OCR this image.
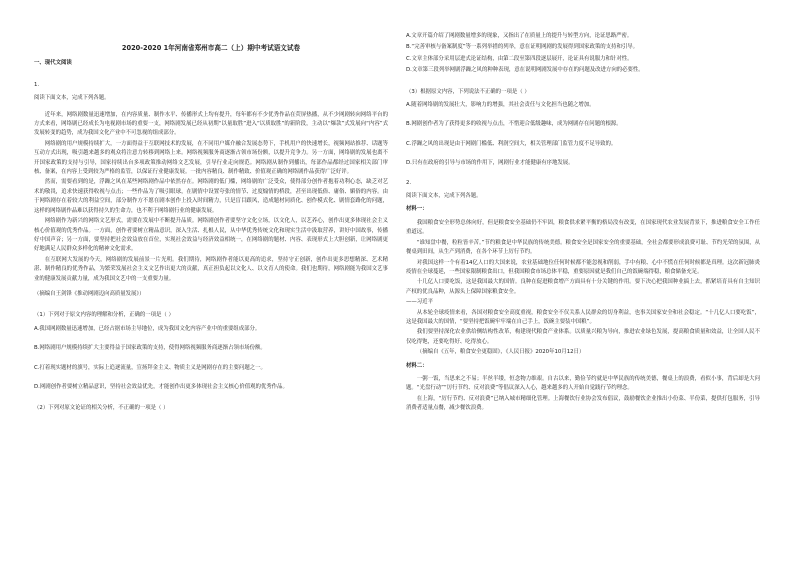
2020-2020 1年河南省郑州市高二（上）期中考试语文试卷
一、现代文阅读
1.
阅读下面文本，完成下列各题。
近年来，网络剧数量迅速增加，在内容质量、制作水平、传播形式上均有提升，每年都有不少优秀作品在荧屏热播，从不少网剧转向网络平台的方式来看，网络剧已经成长为电视剧市场的重要一支，网络剧发展已经从初期“以量取胜”进入“以质取胜”的新阶段，主动以“爆款”式发展向“内容”式发展转变的趋势，成为我国文化产业中不可忽视的组成部分。
网络剧的用户规模持续扩大，一方面得益于互联网技术的发展，在不同用户媒介融合发展态势下，手机用户的快速增长，视频网站推荐、话题等互动方式出现，吸引越来越多的观众将注意力转移到网络上来。网络视频服务商逐渐占领市场份额，以提升竞争力。另一方面，网络剧的发展也离不开国家政策的支持与引导，国家持续出台多项政策推动网络文艺发展，引导行业走向规范。网络剧从制作到播出，每部作品都经过国家相关部门审核、备案，在内容上受到较为严格的监管，以保证行业健康发展。一批内容精良、制作精致、价值观正确的网络剧作品获得广泛好评。
然而，需要看到的是，浮躁之风在某些网络剧作品中依然存在。网络剧的低门槛，网络剧的广泛受众，使得部分创作者抱着功利心态，缺乏对艺术的敬畏，追求快速获得收视与点击；一些作品为了吸引眼球，在剧情中设置夸张的情节、过度煽情的桥段，甚至出现低俗、庸俗、媚俗的内容。由于网络剧存在着较大的利益空间，部分制作方不愿在剧本创作上投入时间精力，只是盲目跟风，造成题材同质化、创作模式化、剧情套路化的问题，这样的网络剧作品难以获得持久的生命力，也不利于网络剧行业的健康发展。
网络剧作为新兴的网络文艺形式，需要在发展中不断提升品质。网络剧创作者要坚守文化立场，以文化人，以艺养心，创作出更多体现社会主义核心价值观的优秀作品。一方面，创作者要树立精品意识，深入生活、扎根人民，从中华优秀传统文化和现实生活中汲取营养，讲好中国故事，传播好中国声音；另一方面，要坚持把社会效益放在首位，实现社会效益与经济效益相统一，在网络剧的题材、内容、表现形式上大胆创新，让网络剧更好地满足人民群众多样化的精神文化需求。
在互联网大发展的今天，网络剧的发展前景一片光明。我们期待，网络剧作者能以更高的追求，坚持守正创新，创作出更多思想精深、艺术精湛、制作精良的优秀作品，为繁荣发展社会主义文艺作出更大的贡献，真正担负起以文化人、以文育人的使命。我们也期待，网络剧能为我国文艺事业的健康发展贡献力量，成为我国文艺中的一支重要力量。
（摘编自王剑锋《推动网剧迈向高质量发展》）
（1）下列对于原文内容的理解和分析，正确的一项是（ ）
A.我国网剧数量迅速增加，已经占据市场主导地位，成为我国文化内容产业中的重要组成部分。
B.网络剧用户规模持续扩大主要得益于国家政策的支持，使得网络视频服务商逐渐占领市场份额。
C.打着现实题材的旗号，实际上追逐流量，宣扬拜金主义、物质主义是网剧存在的主要问题之一。
D.网剧创作者要树立精品意识，坚持社会效益优先，才能创作出更多体现社会主义核心价值观的优秀作品。
（2）下列对原文论证的相关分析，不正确的一项是（ ）
A.文章开篇介绍了网剧数量增多的现象，又指出了在质量上的提升与转型方向，论证思路严密。
B.“完善审核与备案制度”等一系列举措的列举，意在证明网剧的发展得到国家政策的支持和引导。
C.文章主体部分采用层进式论证结构，由第二段至第四段逐层展开，论证具有说服力和针对性。
D.文章第三段列举网剧浮躁之风的种种表现，意在说明网剧发展中存在的问题及改进方向的必要性。
（3）根据原文内容，下列说法不正确的一项是（ ）
A.随着网络剧的发展壮大，影响力的增强，其社会责任与文化担当也随之增加。
B.网剧创作者为了获得更多的收视与点击，不惜迎合低级趣味，成为网剧存在问题的根源。
C.浮躁之风的出现是由于网剧门槛低、利润空间大，相关管理部门监管力度不足导致的。
D.只有在政府的引导与市场的作用下，网剧行业才能健康有序地发展。
2.
阅读下面文本，完成下列各题。
材料一：
我国粮食安全形势总体向好，但是粮食安全基础仍不牢固，粮食供求紧平衡的格局没有改变，在国家现代农业发展背景下，推进粮食安全工作任重道远。
“谁知盘中餐，粒粒皆辛苦。”节约粮食是中华民族的传统美德。粮食安全是国家安全的重要基础，全社会都要形成浪费可耻、节约光荣的氛围，从餐桌到田间，从生产到消费，在各个环节上厉行节约。
对我国这样一个有着14亿人口的大国来说，农业基础地位任何时候都不能忽视和削弱，手中有粮、心中不慌在任何时候都是真理。这次新冠肺炎疫情在全球蔓延，一些国家限制粮食出口，但我国粮食市场总体平稳，重要原因就是我们自己的饭碗端得稳，粮食储备充足。
十几亿人口要吃饭，这是我国最大的国情。良种在促进粮食增产方面具有十分关键的作用。要下决心把我国种业搞上去，抓紧培育具有自主知识产权的优良品种，从源头上保障国家粮食安全。
——习近平
从本轮全球疫情来看，各国对粮食安全高度重视，粮食安全不仅关系人民群众的切身利益，也事关国家安全和社会稳定。“十几亿人口要吃饭”，这是我国最大的国情，“要坚持把饭碗牢牢端在自己手上，饭碗主要装中国粮”。
我们要坚持深化农业供给侧结构性改革，构建现代粮食产业体系。以质量兴粮为导向，推进农业绿色发展，提高粮食质量和效益，让全国人民不仅吃得饱，还要吃得好、吃得放心。
（摘编自《五年，粮食安全更稳固》，《人民日报》2020年10月12日）
材料二：
一粥一饭，当思来之不易；半丝半缕，恒念物力维艰。自古以来，勤俭节约就是中华民族的传统美德，餐桌上的浪费，看似小事，背后却是大问题。“光盘行动”“厉行节约、反对浪费”等倡议深入人心，越来越多的人开始自觉践行节约理念。
在上海，“厉行节约、反对浪费”已纳入城市精细化管理。上海餐饮行业协会发布倡议，鼓励餐饮企业推出小份菜、半份菜，提供打包服务，引导消费者适量点餐，减少餐饮浪费。
